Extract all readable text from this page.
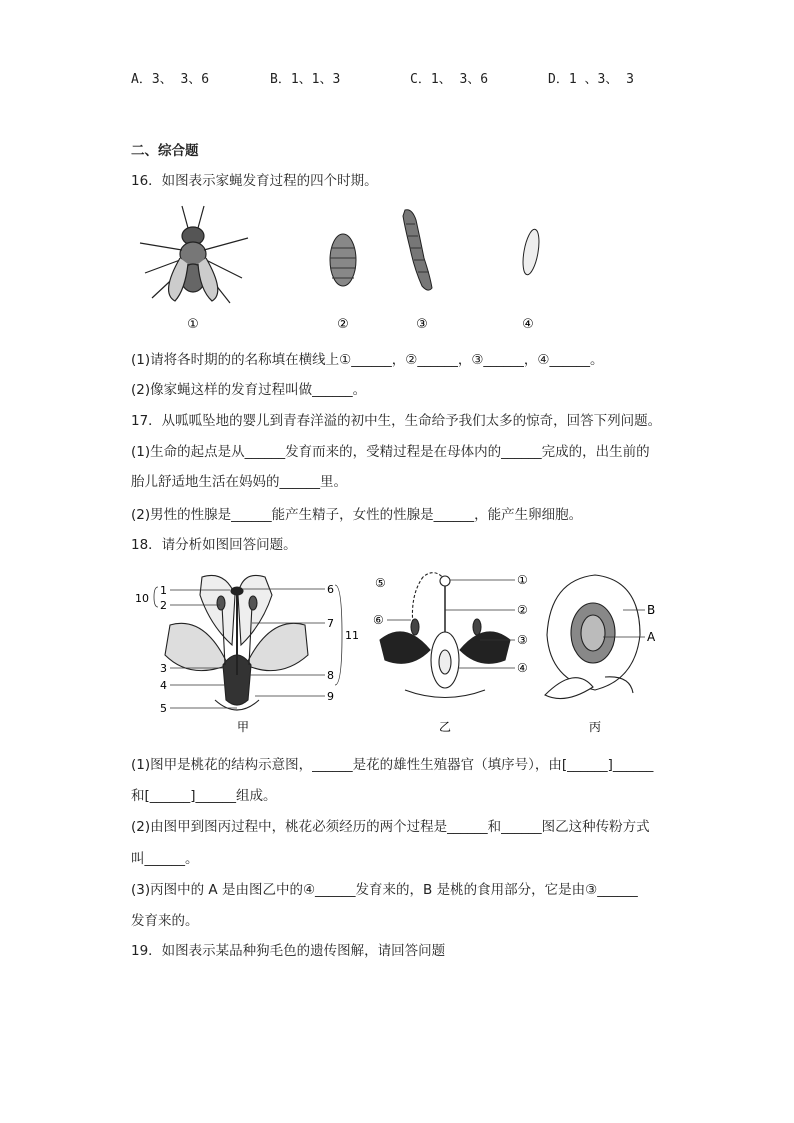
A．3、 3、6	B．1、1、3	C．1、 3、6	D．1 、3、 3
二、综合题
16．如图表示家蝇发育过程的四个时期。
①	②	③	④
(1)请将各时期的的名称填在横线上①______，②______，③______，④______。
(2)像家蝇这样的发育过程叫做______。
17．从呱呱坠地的婴儿到青春洋溢的初中生，生命给予我们太多的惊奇，回答下列问题。
(1)生命的起点是从______发育而来的，受精过程是在母体内的______完成的，出生前的
胎儿舒适地生活在妈妈的______里。
(2)男性的性腺是______能产生精子，女性的性腺是______，能产生卵细胞。
18．请分析如图回答问题。
1
2
10
3
4
5
6
7
8
9
11
甲
①
②
③
④
⑤
⑥
乙
B
A
丙
(1)图甲是桃花的结构示意图，______是花的雄性生殖器官（填序号），由[______]______
和[______]______组成。
(2)由图甲到图丙过程中，桃花必须经历的两个过程是______和______图乙这种传粉方式
叫______。
(3)丙图中的 A 是由图乙中的④______发育来的，B 是桃的食用部分，它是由③______
发育来的。
19．如图表示某品种狗毛色的遗传图解，请回答问题
